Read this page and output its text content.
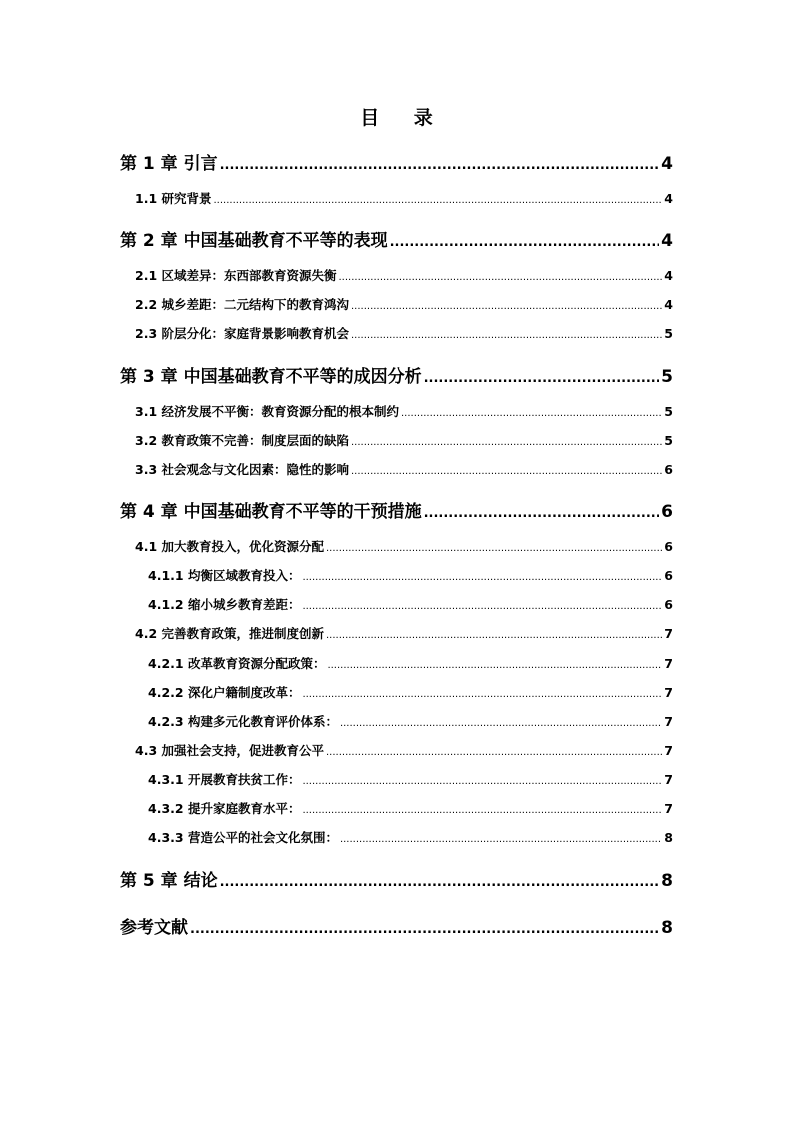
目 录
第 1 章 引言 .....	4
1.1 研究背景 .....	4
第 2 章 中国基础教育不平等的表现 .....	4
2.1 区域差异：东西部教育资源失衡 .....	4
2.2 城乡差距：二元结构下的教育鸿沟 .....	4
2.3 阶层分化：家庭背景影响教育机会 .....	5
第 3 章 中国基础教育不平等的成因分析 .....	5
3.1 经济发展不平衡：教育资源分配的根本制约 .....	5
3.2 教育政策不完善：制度层面的缺陷 .....	5
3.3 社会观念与文化因素：隐性的影响 .....	6
第 4 章 中国基础教育不平等的干预措施 .....	6
4.1 加大教育投入，优化资源分配 .....	6
4.1.1 均衡区域教育投入： .....	6
4.1.2 缩小城乡教育差距： .....	6
4.2 完善教育政策，推进制度创新 .....	7
4.2.1 改革教育资源分配政策： .....	7
4.2.2 深化户籍制度改革： .....	7
4.2.3 构建多元化教育评价体系： .....	7
4.3 加强社会支持，促进教育公平 .....	7
4.3.1 开展教育扶贫工作： .....	7
4.3.2 提升家庭教育水平： .....	7
4.3.3 营造公平的社会文化氛围： .....	8
第 5 章 结论 .....	8
参考文献 .....	8
